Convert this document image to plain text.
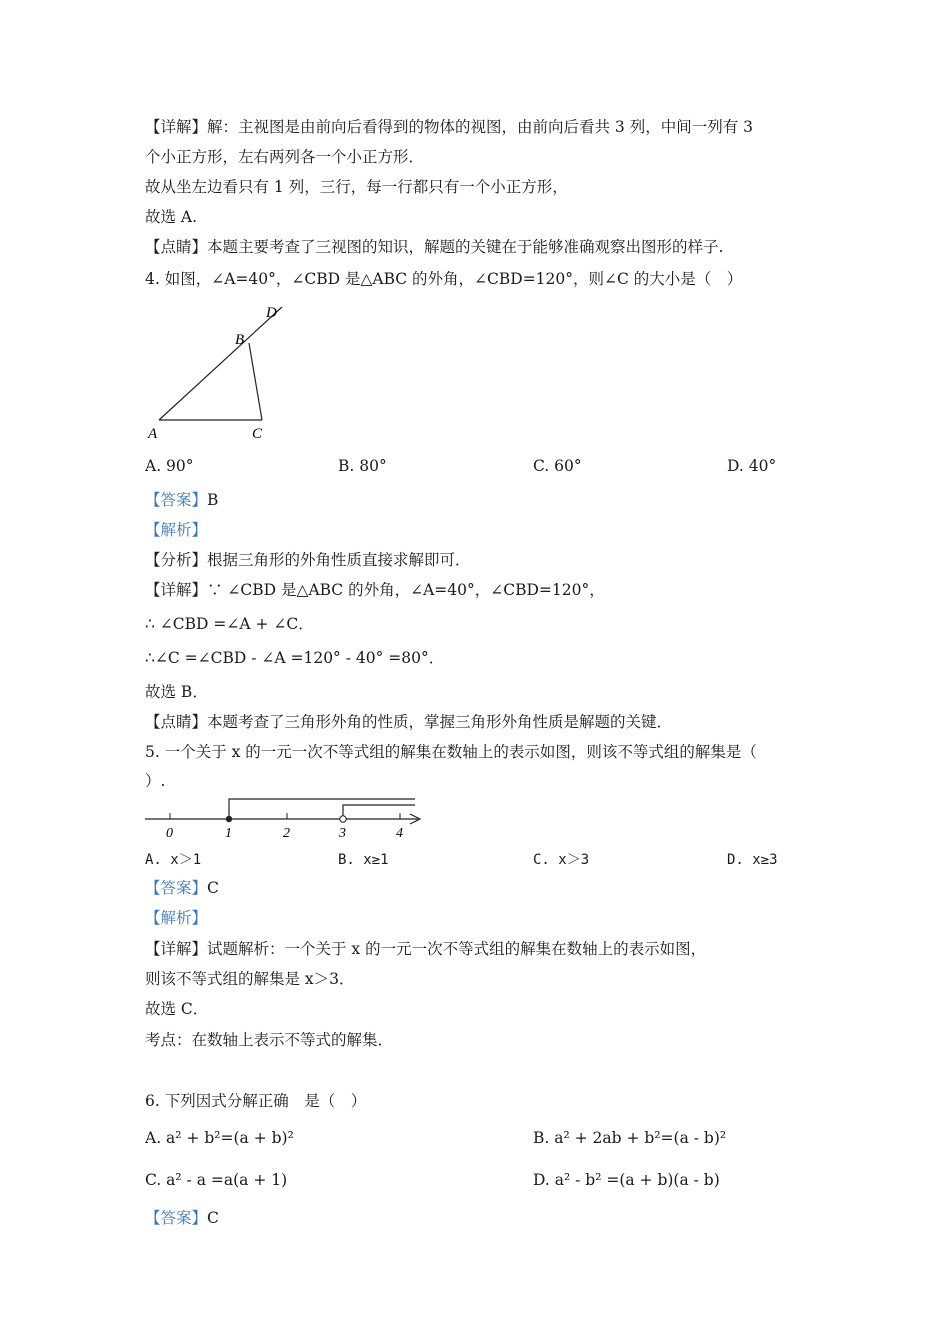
【详解】解：主视图是由前向后看得到的物体的视图，由前向后看共 3 列，中间一列有 3
个小正方形，左右两列各一个小正方形．
故从坐左边看只有 1 列，三行，每一行都只有一个小正方形，
故选 A.
【点睛】本题主要考查了三视图的知识，解题的关键在于能够准确观察出图形的样子.
4. 如图，∠A=40°，∠CBD 是△ABC 的外角，∠CBD=120°，则∠C 的大小是（　）
D
B
A	C
A. 90°	B. 80°	C. 60°	D. 40°
【答案】B
【解析】
【分析】根据三角形的外角性质直接求解即可．
【详解】∵ ∠CBD 是△ABC 的外角，∠A=40°，∠CBD=120°，
∴ ∠CBD =∠A + ∠C．
∴∠C =∠CBD - ∠A =120° - 40° =80°．
故选 B．
【点睛】本题考查了三角形外角的性质，掌握三角形外角性质是解题的关键．
5. 一个关于 x 的一元一次不等式组的解集在数轴上的表示如图，则该不等式组的解集是（
）.
0	1	2	3	4
A. x＞1	B. x≥1	C. x＞3	D. x≥3
【答案】C
【解析】
【详解】试题解析：一个关于 x 的一元一次不等式组的解集在数轴上的表示如图，
则该不等式组的解集是 x＞3．
故选 C．
考点：在数轴上表示不等式的解集．
6. 下列因式分解正确　是（　）
A. a² + b²=(a + b)²	B. a² + 2ab + b²=(a - b)²
C. a² - a =a(a + 1)	D. a² - b² =(a + b)(a - b)
【答案】C
